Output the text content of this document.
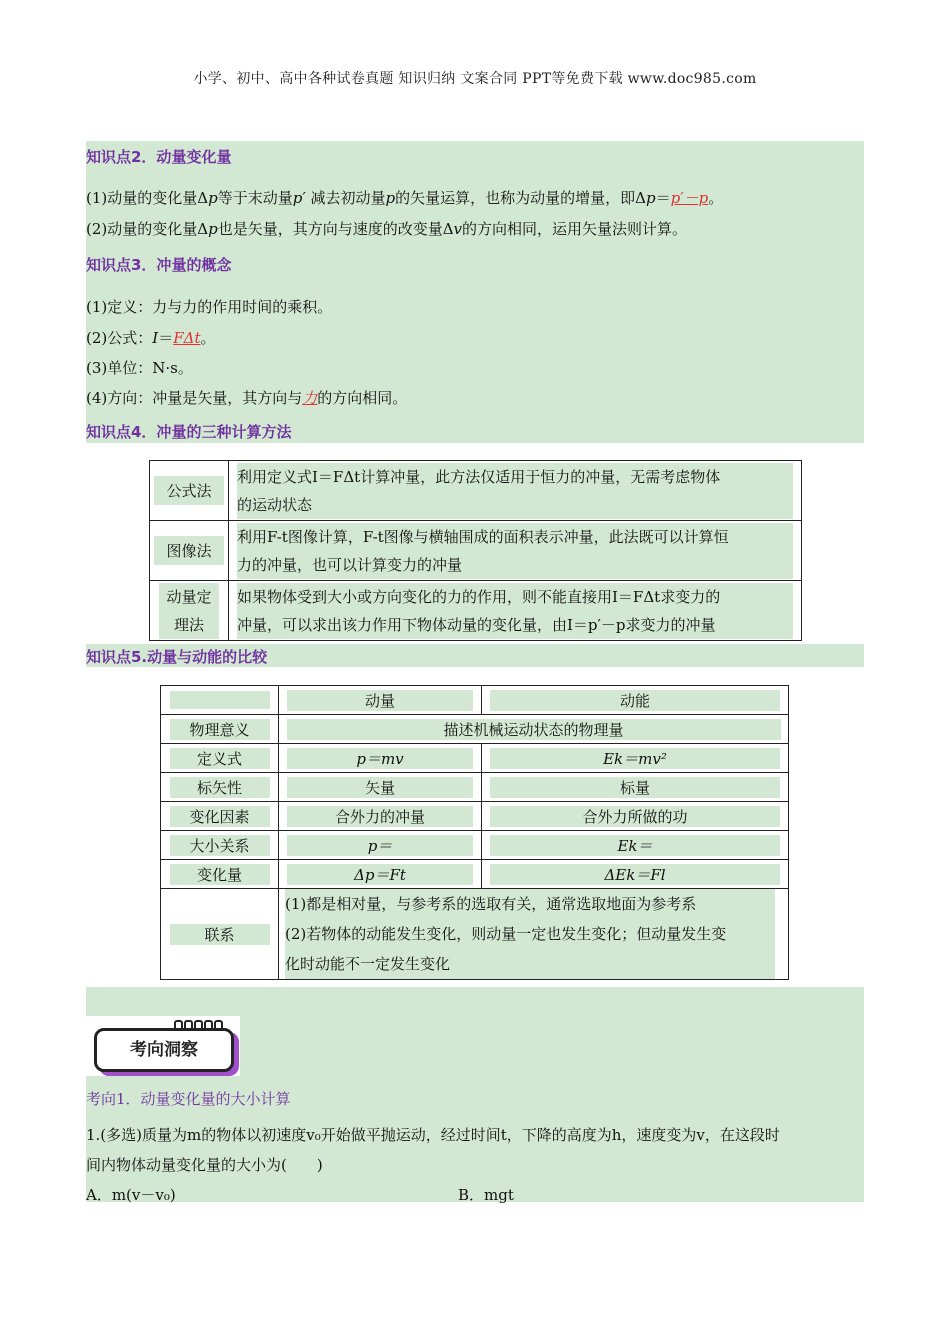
小学、初中、高中各种试卷真题 知识归纳 文案合同 PPT等免费下载 www.doc985.com
知识点2．动量变化量
(1)动量的变化量Δp等于末动量p′ 减去初动量p的矢量运算，也称为动量的增量，即Δp＝p′－p。
(2)动量的变化量Δp也是矢量，其方向与速度的改变量Δv的方向相同，运用矢量法则计算。
知识点3．冲量的概念
(1)定义：力与力的作用时间的乘积。
(2)公式：I＝FΔt。
(3)单位：N·s。
(4)方向：冲量是矢量，其方向与力的方向相同。
知识点4．冲量的三种计算方法
公式法	利用定义式I＝FΔt计算冲量，此方法仅适用于恒力的冲量，无需考虑物体
的运动状态
图像法	利用F-t图像计算，F-t图像与横轴围成的面积表示冲量，此法既可以计算恒
力的冲量，也可以计算变力的冲量
动量定
理法	如果物体受到大小或方向变化的力的作用，则不能直接用I＝FΔt求变力的
冲量，可以求出该力作用下物体动量的变化量，由I＝p′－p求变力的冲量
知识点5.动量与动能的比较
	动量	动能
物理意义	描述机械运动状态的物理量	
定义式	p＝mv	Ek＝mv²
标矢性	矢量	标量
变化因素	合外力的冲量	合外力所做的功
大小关系	p＝	Ek＝
变化量	Δp＝Ft	ΔEk＝Fl
联系	(1)都是相对量，与参考系的选取有关，通常选取地面为参考系
(2)若物体的动能发生变化，则动量一定也发生变化；但动量发生变
化时动能不一定发生变化	
考向洞察
考向1．动量变化量的大小计算
1.(多选)质量为m的物体以初速度v₀开始做平抛运动，经过时间t，下降的高度为h，速度变为v，在这段时
间内物体动量变化量的大小为(　　)
A．m(v－v₀)	B．mgt
